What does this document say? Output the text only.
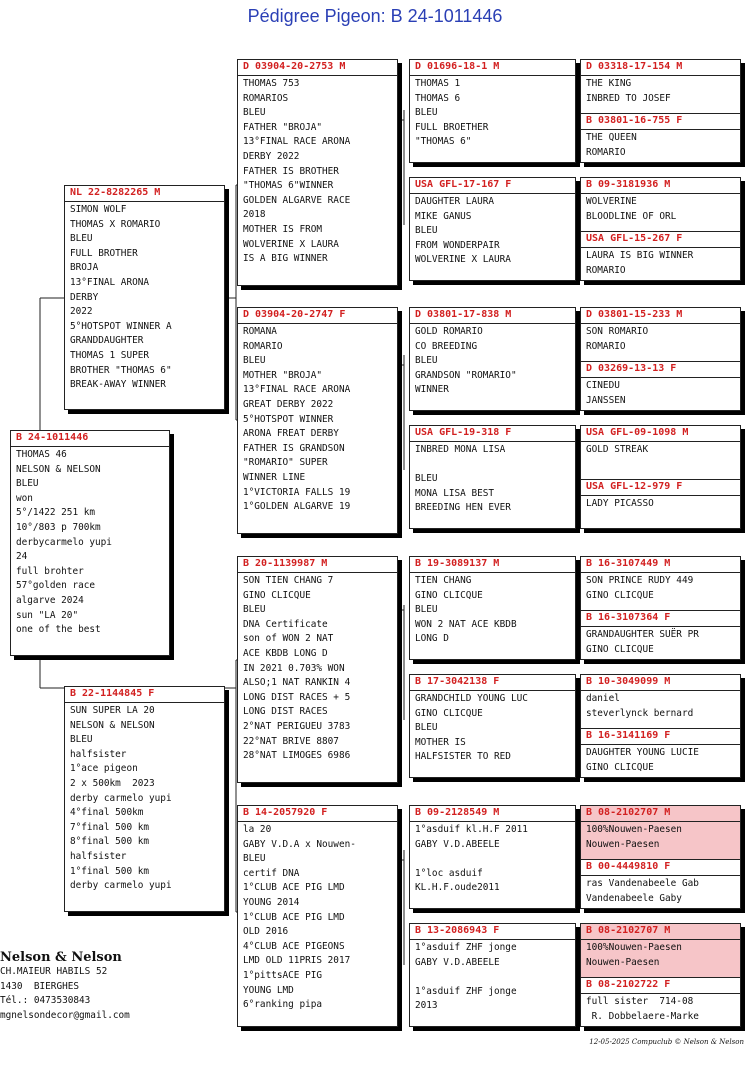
Pédigree Pigeon: B 24-1011446
B 24-1011446
THOMAS 46
NELSON & NELSON
BLEU
won
5°/1422 251 km
10°/803 p 700km
derbycarmelo yupi
24
full brohter
57°golden race
algarve 2024
sun "LA 20"
one of the best
NL 22-8282265 M
SIMON WOLF
THOMAS X ROMARIO
BLEU
FULL BROTHER
BROJA
13°FINAL ARONA
DERBY
2022
5°HOTSPOT WINNER A
GRANDDAUGHTER
THOMAS 1 SUPER
BROTHER "THOMAS 6"
BREAK-AWAY WINNER
B 22-1144845 F
SUN SUPER LA 20
NELSON & NELSON
BLEU
halfsister
1°ace pigeon
2 x 500km  2023
derby carmelo yupi
4°final 500km
7°final 500 km
8°final 500 km
halfsister
1°final 500 km
derby carmelo yupi
D 03904-20-2753 M
THOMAS 753
ROMARIOS
BLEU
FATHER "BROJA"
13°FINAL RACE ARONA
DERBY 2022
FATHER IS BROTHER
"THOMAS 6"WINNER
GOLDEN ALGARVE RACE
2018
MOTHER IS FROM
WOLVERINE X LAURA
IS A BIG WINNER
D 03904-20-2747 F
ROMANA
ROMARIO
BLEU
MOTHER "BROJA"
13°FINAL RACE ARONA
GREAT DERBY 2022
5°HOTSPOT WINNER
ARONA FREAT DERBY
FATHER IS GRANDSON
"ROMARIO" SUPER
WINNER LINE
1°VICTORIA FALLS 19
1°GOLDEN ALGARVE 19
B 20-1139987 M
SON TIEN CHANG 7
GINO CLICQUE
BLEU
DNA Certificate
son of WON 2 NAT
ACE KBDB LONG D
IN 2021 0.703% WON
ALSO;1 NAT RANKIN 4
LONG DIST RACES + 5
LONG DIST RACES
2°NAT PERIGUEU 3783
22°NAT BRIVE 8807
28°NAT LIMOGES 6986
B 14-2057920 F
la 20
GABY V.D.A x Nouwen-
BLEU
certif DNA
1°CLUB ACE PIG LMD
YOUNG 2014
1°CLUB ACE PIG LMD
OLD 2016
4°CLUB ACE PIGEONS
LMD OLD 11PRIS 2017
1°pittsACE PIG
YOUNG LMD
6°ranking pipa
D 01696-18-1 M
THOMAS 1
THOMAS 6
BLEU
FULL BROETHER
"THOMAS 6"
USA GFL-17-167 F
DAUGHTER LAURA
MIKE GANUS
BLEU
FROM WONDERPAIR
WOLVERINE X LAURA
D 03801-17-838 M
GOLD ROMARIO
CO BREEDING
BLEU
GRANDSON "ROMARIO"
WINNER
USA GFL-19-318 F
INBRED MONA LISA

BLEU
MONA LISA BEST
BREEDING HEN EVER
B 19-3089137 M
TIEN CHANG
GINO CLICQUE
BLEU
WON 2 NAT ACE KBDB
LONG D
B 17-3042138 F
GRANDCHILD YOUNG LUC
GINO CLICQUE
BLEU
MOTHER IS
HALFSISTER TO RED
B 09-2128549 M
1°asduif kl.H.F 2011
GABY V.D.ABEELE

1°loc asduif
KL.H.F.oude2011
B 13-2086943 F
1°asduif ZHF jonge
GABY V.D.ABEELE

1°asduif ZHF jonge
2013
D 03318-17-154 M
THE KING
INBRED TO JOSEF
B 03801-16-755 F
THE QUEEN
ROMARIO
B 09-3181936 M
WOLVERINE
BLOODLINE OF ORL
USA GFL-15-267 F
LAURA IS BIG WINNER
ROMARIO
D 03801-15-233 M
SON ROMARIO
ROMARIO
D 03269-13-13 F
CINEDU
JANSSEN
USA GFL-09-1098 M
GOLD STREAK

USA GFL-12-979 F
LADY PICASSO

B 16-3107449 M
SON PRINCE RUDY 449
GINO CLICQUE
B 16-3107364 F
GRANDAUGHTER SUËR PR
GINO CLICQUE
B 10-3049099 M
daniel
steverlynck bernard
B 16-3141169 F
DAUGHTER YOUNG LUCIE
GINO CLICQUE
B 08-2102707 M
100%Nouwen-Paesen
Nouwen-Paesen
B 00-4449810 F
ras Vandenabeele Gab
Vandenabeele Gaby
B 08-2102707 M
100%Nouwen-Paesen
Nouwen-Paesen
B 08-2102722 F
full sister  714-08
R. Dobbelaere-Marke
Nelson & Nelson
CH.MAIEUR HABILS 52
1430  BIERGHES
Tél.: 0473530843
mgnelsondecor@gmail.com
12-05-2025 Compuclub © Nelson & Nelson
